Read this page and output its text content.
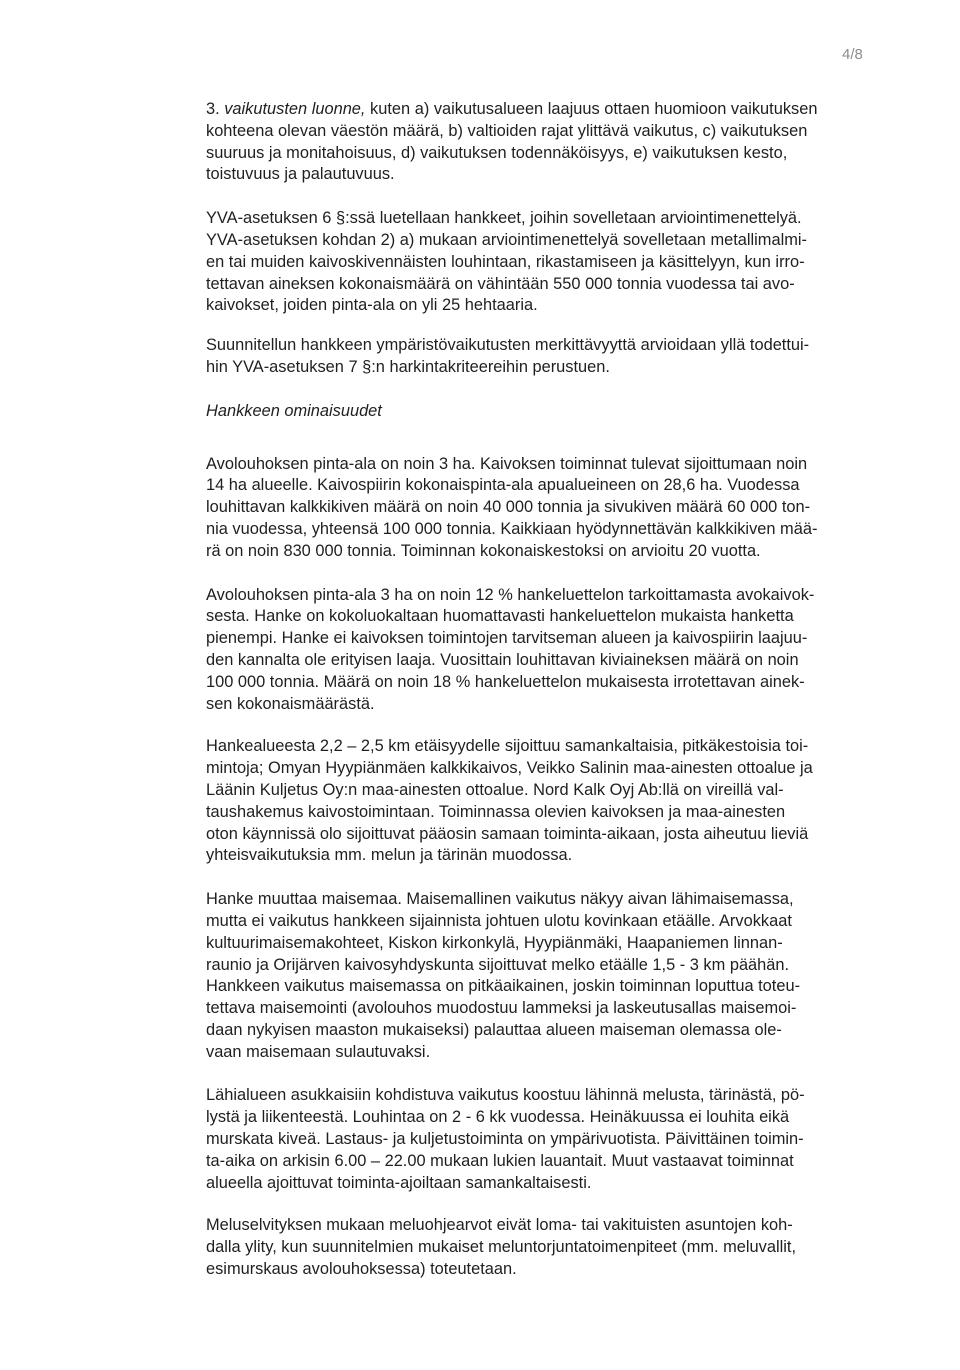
4/8

3. vaikutusten luonne, kuten a) vaikutusalueen laajuus ottaen huomioon vaikutuksen
kohteena olevan väestön määrä, b) valtioiden rajat ylittävä vaikutus, c) vaikutuksen
suuruus ja monitahoisuus, d) vaikutuksen todennäköisyys, e) vaikutuksen kesto,
toistuvuus ja palautuvuus.

YVA-asetuksen 6 §:ssä luetellaan hankkeet, joihin sovelletaan arviointimenettelyä.
YVA-asetuksen kohdan 2) a) mukaan arviointimenettelyä sovelletaan metallimalmi-
en tai muiden kaivoskivennäisten louhintaan, rikastamiseen ja käsittelyyn, kun irro-
tettavan aineksen kokonaismäärä on vähintään 550 000 tonnia vuodessa tai avo-
kaivokset, joiden pinta-ala on yli 25 hehtaaria.

Suunnitellun hankkeen ympäristövaikutusten merkittävyyttä arvioidaan yllä todettui-
hin YVA-asetuksen 7 §:n harkintakriteereihin perustuen.

Hankkeen ominaisuudet

Avolouhoksen pinta-ala on noin 3 ha. Kaivoksen toiminnat tulevat sijoittumaan noin
14 ha alueelle. Kaivospiirin kokonaispinta-ala apualueineen on 28,6 ha. Vuodessa
louhittavan kalkkikiven määrä on noin 40 000 tonnia ja sivukiven määrä 60 000 ton-
nia vuodessa, yhteensä 100 000 tonnia. Kaikkiaan hyödynnettävän kalkkikiven mää-
rä on noin 830 000 tonnia. Toiminnan kokonaiskestoksi on arvioitu 20 vuotta.

Avolouhoksen pinta-ala 3 ha on noin 12 % hankeluettelon tarkoittamasta avokaivok-
sesta. Hanke on kokoluokaltaan huomattavasti hankeluettelon mukaista hanketta
pienempi. Hanke ei kaivoksen toimintojen tarvitseman alueen ja kaivospiirin laajuu-
den kannalta ole erityisen laaja. Vuosittain louhittavan kiviaineksen määrä on noin
100 000 tonnia. Määrä on noin 18 % hankeluettelon mukaisesta irrotettavan ainek-
sen kokonaismäärästä.

Hankealueesta 2,2 – 2,5 km etäisyydelle sijoittuu samankaltaisia, pitkäkestoisia toi-
mintoja; Omyan Hyypiänmäen kalkkikaivos, Veikko Salinin maa-ainesten ottoalue ja
Läänin Kuljetus Oy:n maa-ainesten ottoalue. Nord Kalk Oyj Ab:llä on vireillä val-
taushakemus kaivostoimintaan. Toiminnassa olevien kaivoksen ja maa-ainesten
oton käynnissä olo sijoittuvat pääosin samaan toiminta-aikaan, josta aiheutuu lieviä
yhteisvaikutuksia mm. melun ja tärinän muodossa.

Hanke muuttaa maisemaa. Maisemallinen vaikutus näkyy aivan lähimaisemassa,
mutta ei vaikutus hankkeen sijainnista johtuen ulotu kovinkaan etäälle. Arvokkaat
kultuurimaisemakohteet, Kiskon kirkonkylä, Hyypiänmäki, Haapaniemen linnan-
raunio ja Orijärven kaivosyhdyskunta sijoittuvat melko etäälle 1,5 - 3 km päähän.
Hankkeen vaikutus maisemassa on pitkäaikainen, joskin toiminnan loputtua toteu-
tettava maisemointi (avolouhos muodostuu lammeksi ja laskeutusallas maisemoi-
daan nykyisen maaston mukaiseksi) palauttaa alueen maiseman olemassa ole-
vaan maisemaan sulautuvaksi.

Lähialueen asukkaisiin kohdistuva vaikutus koostuu lähinnä melusta, tärinästä, pö-
lystä ja liikenteestä. Louhintaa on 2 - 6 kk vuodessa. Heinäkuussa ei louhita eikä
murskata kiveä. Lastaus- ja kuljetustoiminta on ympärivuotista. Päivittäinen toimin-
ta-aika on arkisin 6.00 – 22.00 mukaan lukien lauantait. Muut vastaavat toiminnat
alueella ajoittuvat toiminta-ajoiltaan samankaltaisesti.

Meluselvityksen mukaan meluohjearvot eivät loma- tai vakituisten asuntojen koh-
dalla ylity, kun suunnitelmien mukaiset meluntorjuntatoimenpiteet (mm. meluvallit,
esimurskaus avolouhoksessa) toteutetaan.
